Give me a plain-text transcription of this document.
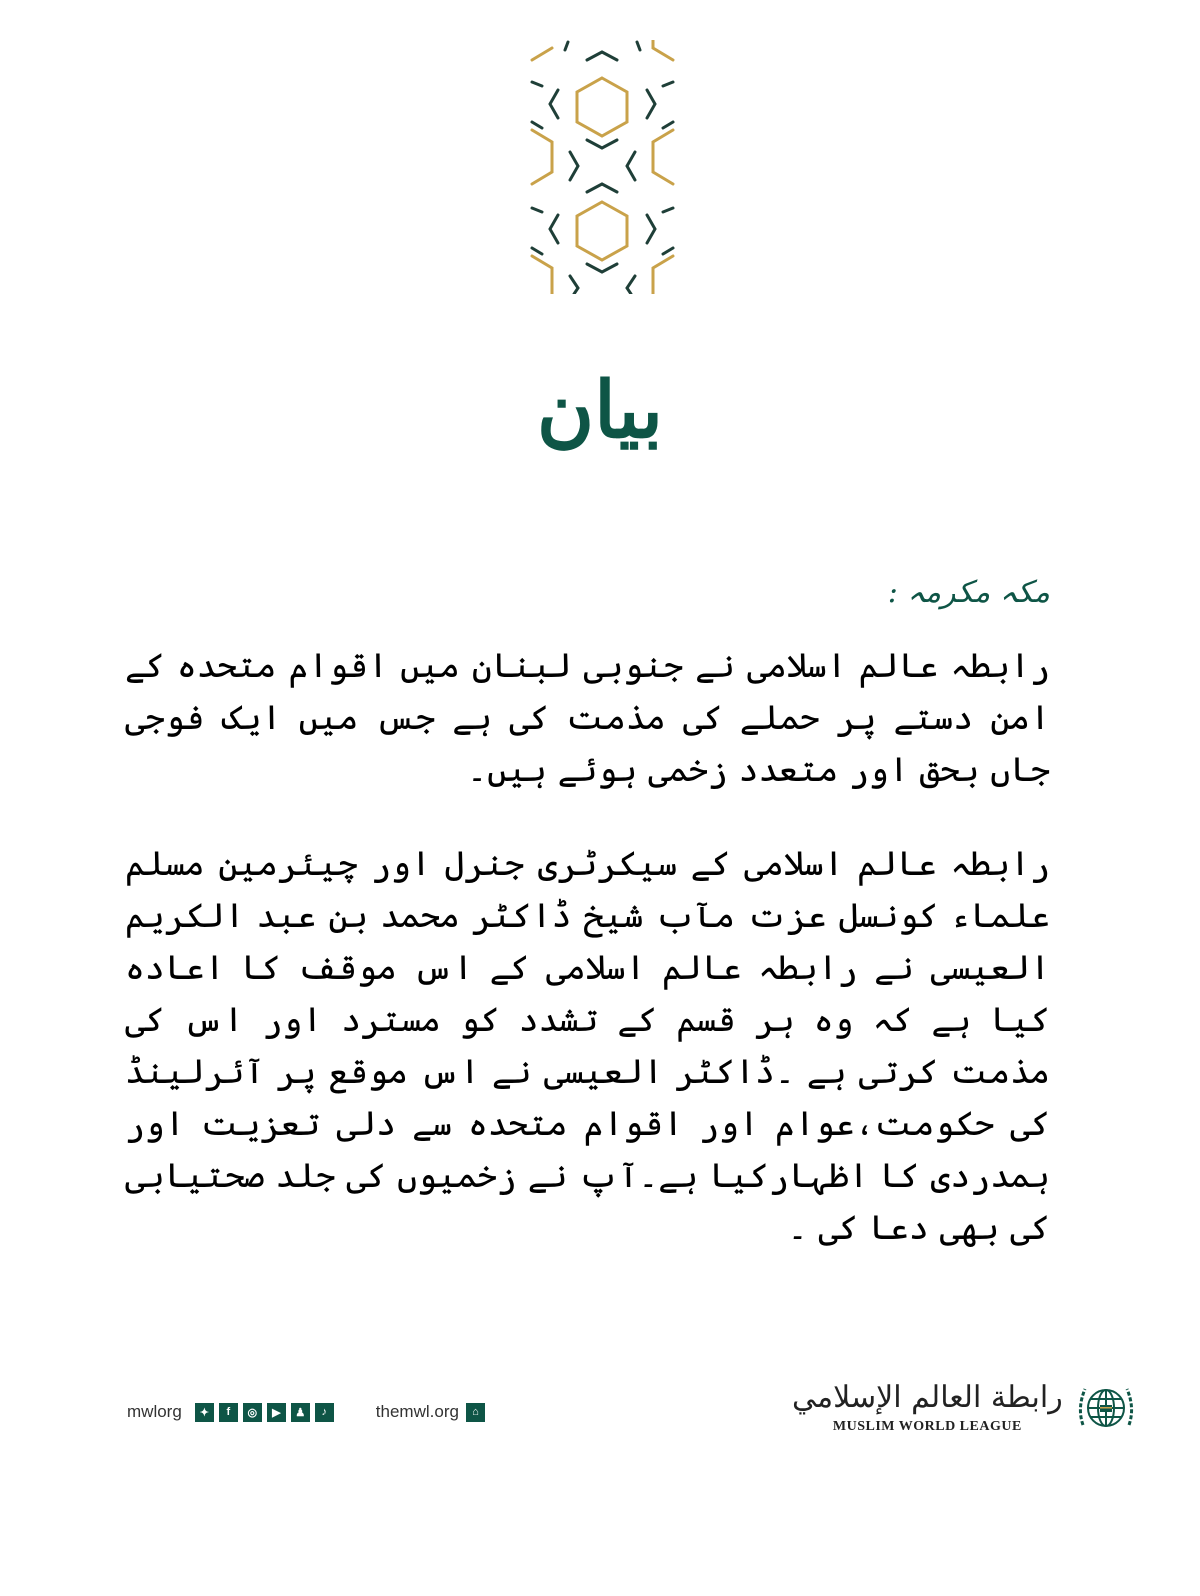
بیان
مکہ مکرمہ :
رابطہ عالم اسلامی نے جنوبی لبنان میں اقوام متحدہ کے امن دستے پر حملے کی مذمت کی ہے جس میں ایک فوجی جاں بحق اور متعدد زخمی ہوئے ہیں۔
رابطہ عالم اسلامی کے سیکرٹری جنرل اور چیئرمین مسلم علماء کونسل عزت مآب شیخ ڈاکٹر محمد بن عبد الکریم العیسی نے رابطہ عالم اسلامی کے اس موقف کا اعادہ کیا ہے کہ وہ ہر قسم کے تشدد کو مسترد اور اس کی مذمت کرتی ہے ۔ڈاکٹر العیسی نے اس موقع پر آئرلینڈ کی حکومت،عوام اور اقوام متحدہ سے دلی تعزیت اور ہمدردی کا اظہارکیا ہے۔آپ نے زخمیوں کی جلد صحتیابی کی بھی دعا کی ۔
mwlorg	✦	f	◎	▶	♟	♪	themwl.org	⌂	رابطة العالم الإسلامي
MUSLIM WORLD LEAGUE
